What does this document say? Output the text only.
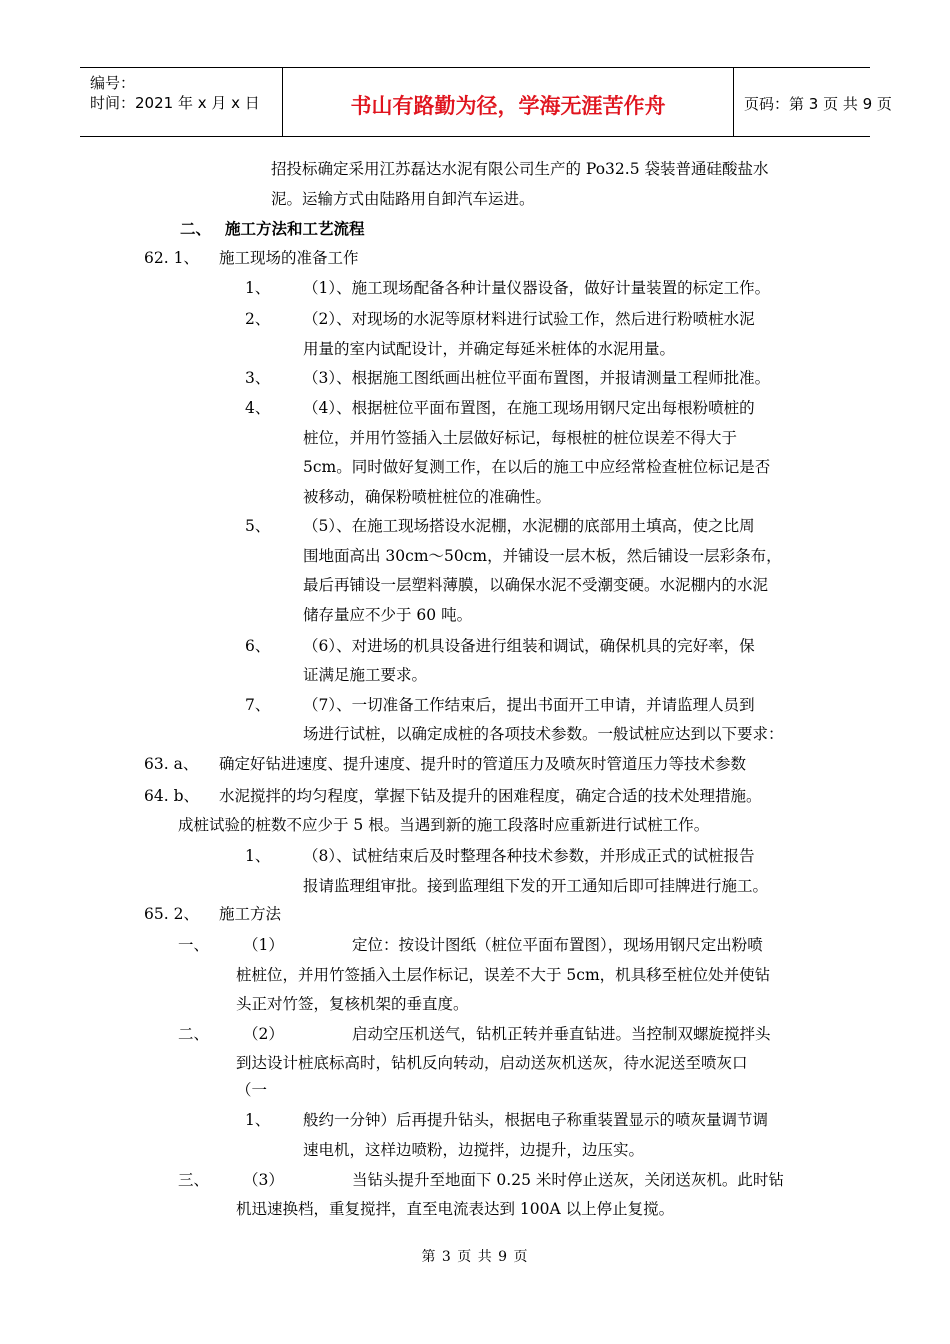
编号：
时间：2021 年 x 月 x 日	书山有路勤为径，学海无涯苦作舟	页码：第 3 页 共 9 页
招投标确定采用江苏磊达水泥有限公司生产的 Po32.5 袋装普通硅酸盐水
泥。运输方式由陆路用自卸汽车运进。
二、 施工方法和工艺流程
62. 1、 施工现场的准备工作
1、 （1）、施工现场配备各种计量仪器设备，做好计量装置的标定工作。
2、 （2）、对现场的水泥等原材料进行试验工作，然后进行粉喷桩水泥
用量的室内试配设计，并确定每延米桩体的水泥用量。
3、 （3）、根据施工图纸画出桩位平面布置图，并报请测量工程师批准。
4、 （4）、根据桩位平面布置图，在施工现场用钢尺定出每根粉喷桩的
桩位，并用竹签插入土层做好标记，每根桩的桩位误差不得大于
5cm。同时做好复测工作，在以后的施工中应经常检查桩位标记是否
被移动，确保粉喷桩桩位的准确性。
5、 （5）、在施工现场搭设水泥棚，水泥棚的底部用土填高，使之比周
围地面高出 30cm～50cm，并铺设一层木板，然后铺设一层彩条布，
最后再铺设一层塑料薄膜，以确保水泥不受潮变硬。水泥棚内的水泥
储存量应不少于 60 吨。
6、 （6）、对进场的机具设备进行组装和调试，确保机具的完好率，保
证满足施工要求。
7、 （7）、一切准备工作结束后，提出书面开工申请，并请监理人员到
场进行试桩，以确定成桩的各项技术参数。一般试桩应达到以下要求：
63. a、 确定好钻进速度、提升速度、提升时的管道压力及喷灰时管道压力等技术参数
64. b、 水泥搅拌的均匀程度，掌握下钻及提升的困难程度，确定合适的技术处理措施。
成桩试验的桩数不应少于 5 根。当遇到新的施工段落时应重新进行试桩工作。
1、 （8）、试桩结束后及时整理各种技术参数，并形成正式的试桩报告
报请监理组审批。接到监理组下发的开工通知后即可挂牌进行施工。
65. 2、 施工方法
一、 （1）	定位：按设计图纸（桩位平面布置图），现场用钢尺定出粉喷
桩桩位，并用竹签插入土层作标记，误差不大于 5cm，机具移至桩位处并使钻
头正对竹签，复核机架的垂直度。
二、 （2）	启动空压机送气，钻机正转并垂直钻进。当控制双螺旋搅拌头
到达设计桩底标高时，钻机反向转动，启动送灰机送灰，待水泥送至喷灰口
（一
1、 般约一分钟）后再提升钻头，根据电子称重装置显示的喷灰量调节调
速电机，这样边喷粉，边搅拌，边提升，边压实。
三、 （3）	当钻头提升至地面下 0.25 米时停止送灰，关闭送灰机。此时钻
机迅速换档，重复搅拌，直至电流表达到 100A 以上停止复搅。
第 3 页 共 9 页
